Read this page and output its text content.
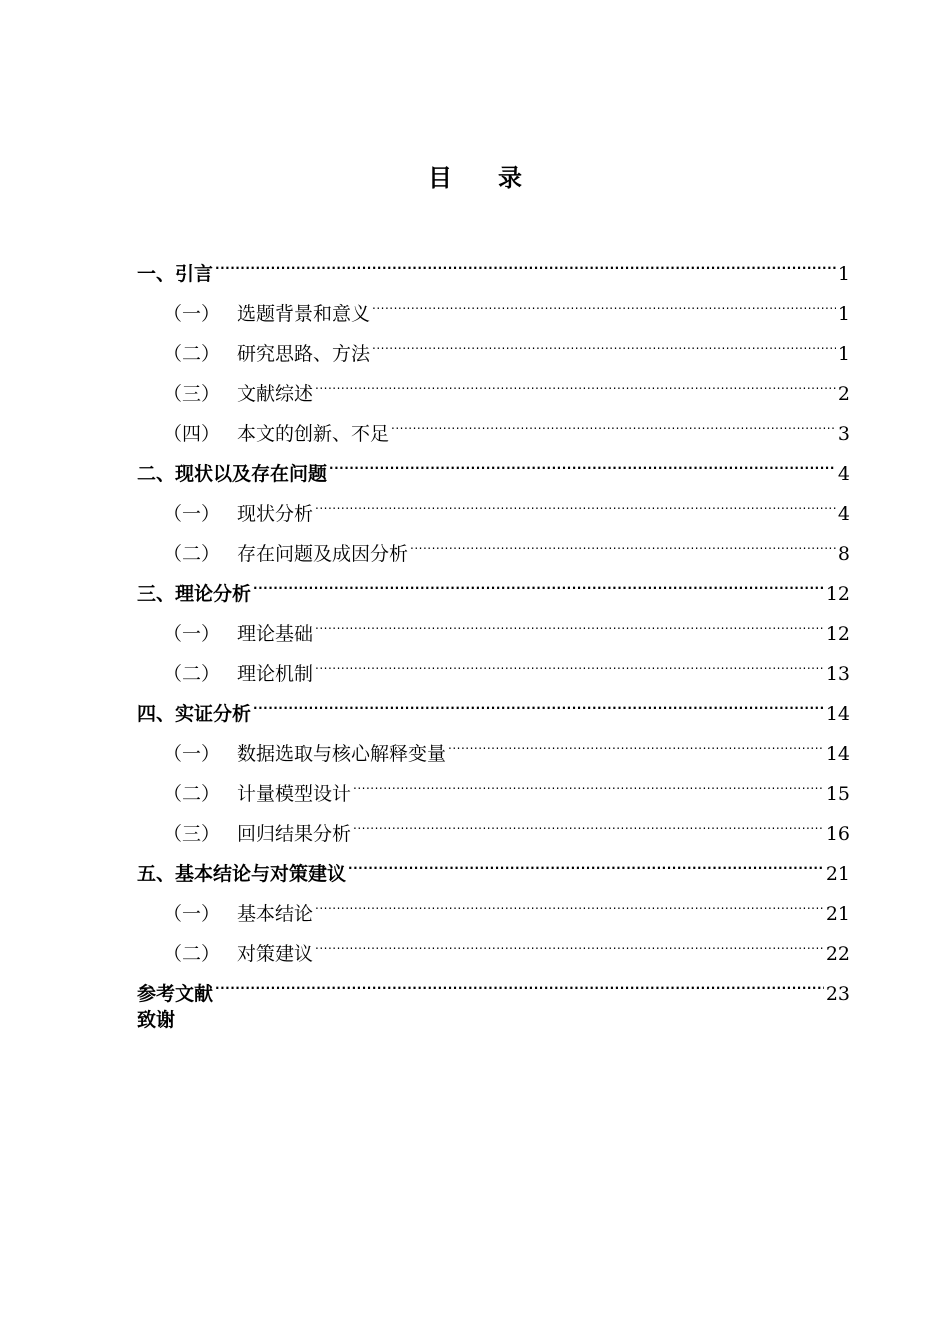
目 录
一、引言 .....	1
（一） 选题背景和意义 .....	1
（二） 研究思路、方法 .....	1
（三） 文献综述 .....	2
（四） 本文的创新、不足 .....	3
二、现状以及存在问题 .....	4
（一） 现状分析 .....	4
（二） 存在问题及成因分析 .....	8
三、理论分析 .....	12
（一） 理论基础 .....	12
（二） 理论机制 .....	13
四、实证分析 .....	14
（一） 数据选取与核心解释变量 .....	14
（二） 计量模型设计 .....	15
（三） 回归结果分析 .....	16
五、基本结论与对策建议 .....	21
（一） 基本结论 .....	21
（二） 对策建议 .....	22
参考文献 .....	23
致谢
